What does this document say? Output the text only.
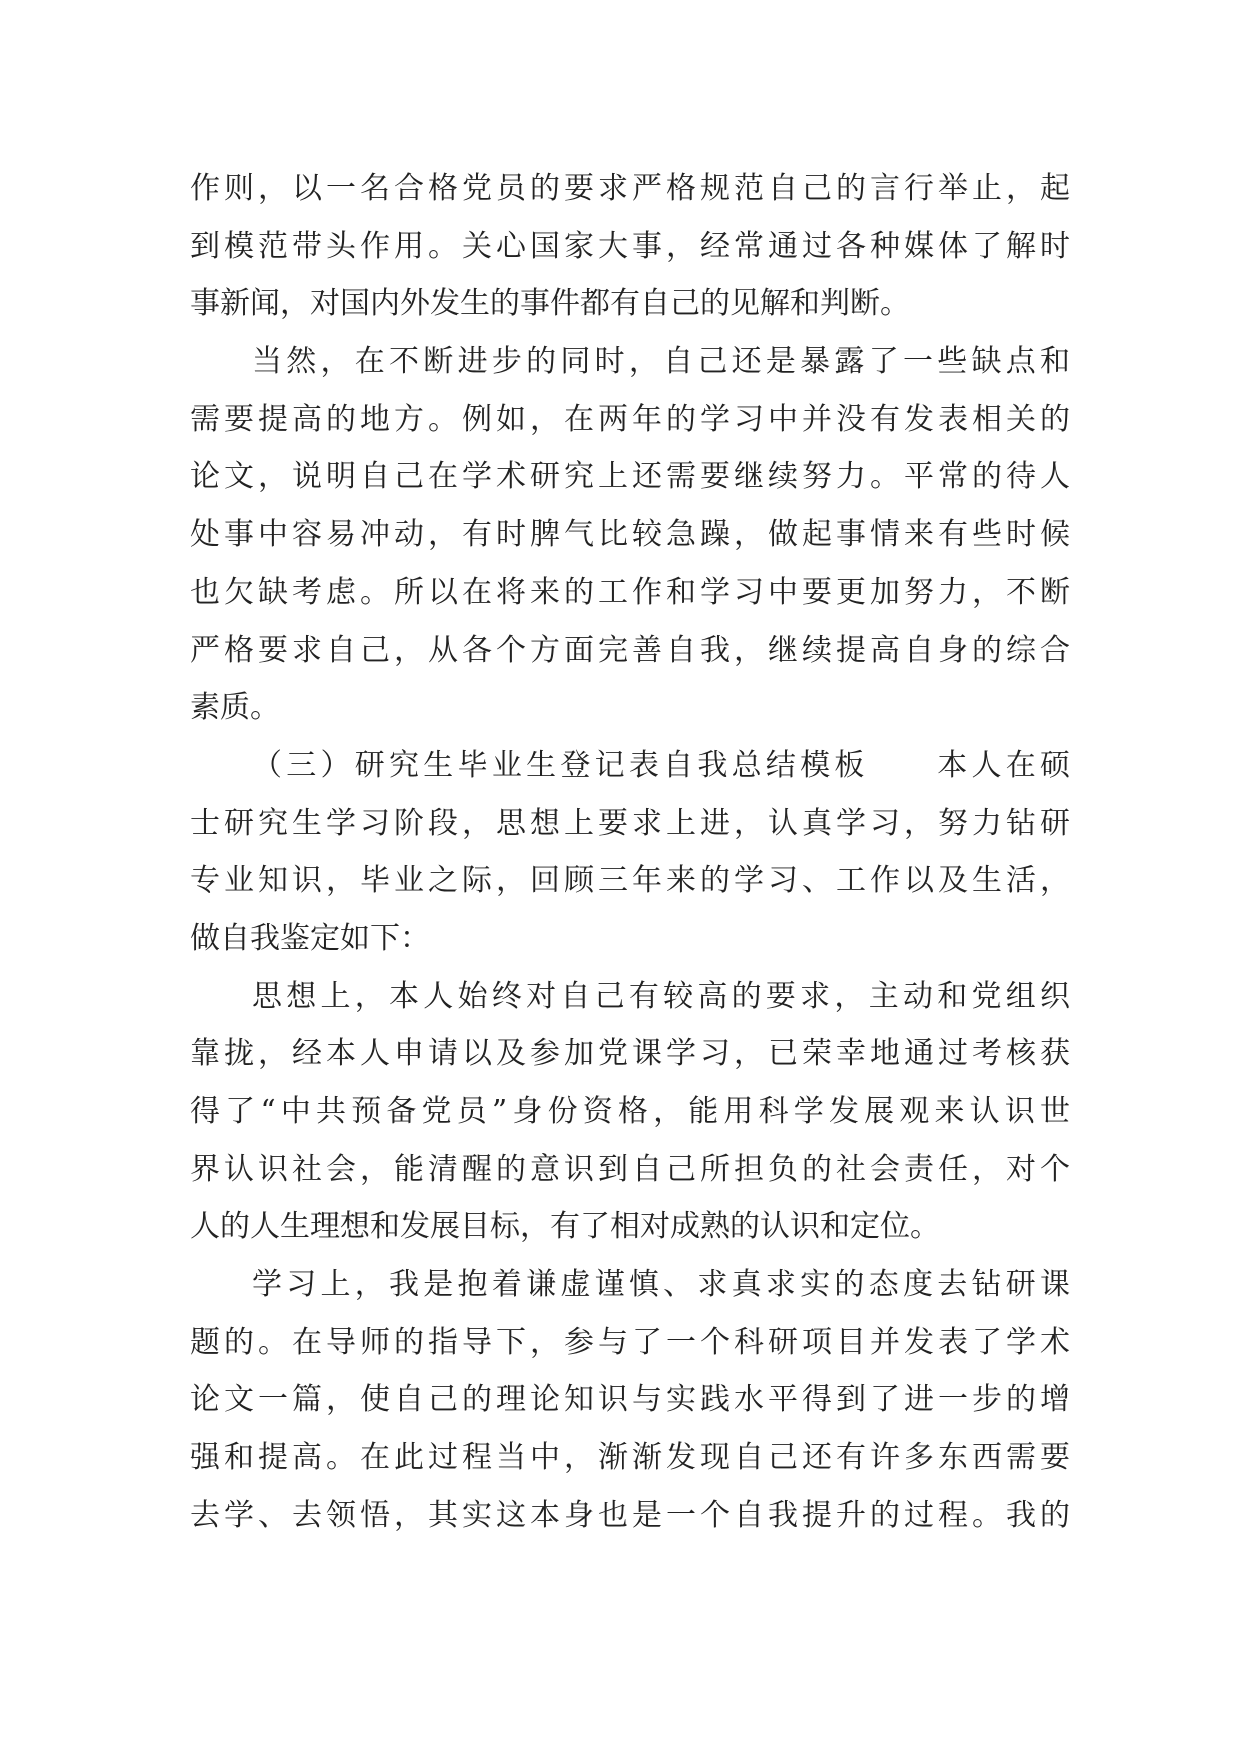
作则，以一名合格党员的要求严格规范自己的言行举止，起
到模范带头作用。关心国家大事，经常通过各种媒体了解时
事新闻，对国内外发生的事件都有自己的见解和判断。
当然，在不断进步的同时，自己还是暴露了一些缺点和
需要提高的地方。例如，在两年的学习中并没有发表相关的
论文，说明自己在学术研究上还需要继续努力。平常的待人
处事中容易冲动，有时脾气比较急躁，做起事情来有些时候
也欠缺考虑。所以在将来的工作和学习中要更加努力，不断
严格要求自己，从各个方面完善自我，继续提高自身的综合
素质。
（三）研究生毕业生登记表自我总结模板　　本人在硕
士研究生学习阶段，思想上要求上进，认真学习，努力钻研
专业知识，毕业之际，回顾三年来的学习、工作以及生活，
做自我鉴定如下：
思想上，本人始终对自己有较高的要求，主动和党组织
靠拢，经本人申请以及参加党课学习，已荣幸地通过考核获
得了“中共预备党员”身份资格，能用科学发展观来认识世
界认识社会，能清醒的意识到自己所担负的社会责任，对个
人的人生理想和发展目标，有了相对成熟的认识和定位。
学习上，我是抱着谦虚谨慎、求真求实的态度去钻研课
题的。在导师的指导下，参与了一个科研项目并发表了学术
论文一篇，使自己的理论知识与实践水平得到了进一步的增
强和提高。在此过程当中，渐渐发现自己还有许多东西需要
去学、去领悟，其实这本身也是一个自我提升的过程。我的
